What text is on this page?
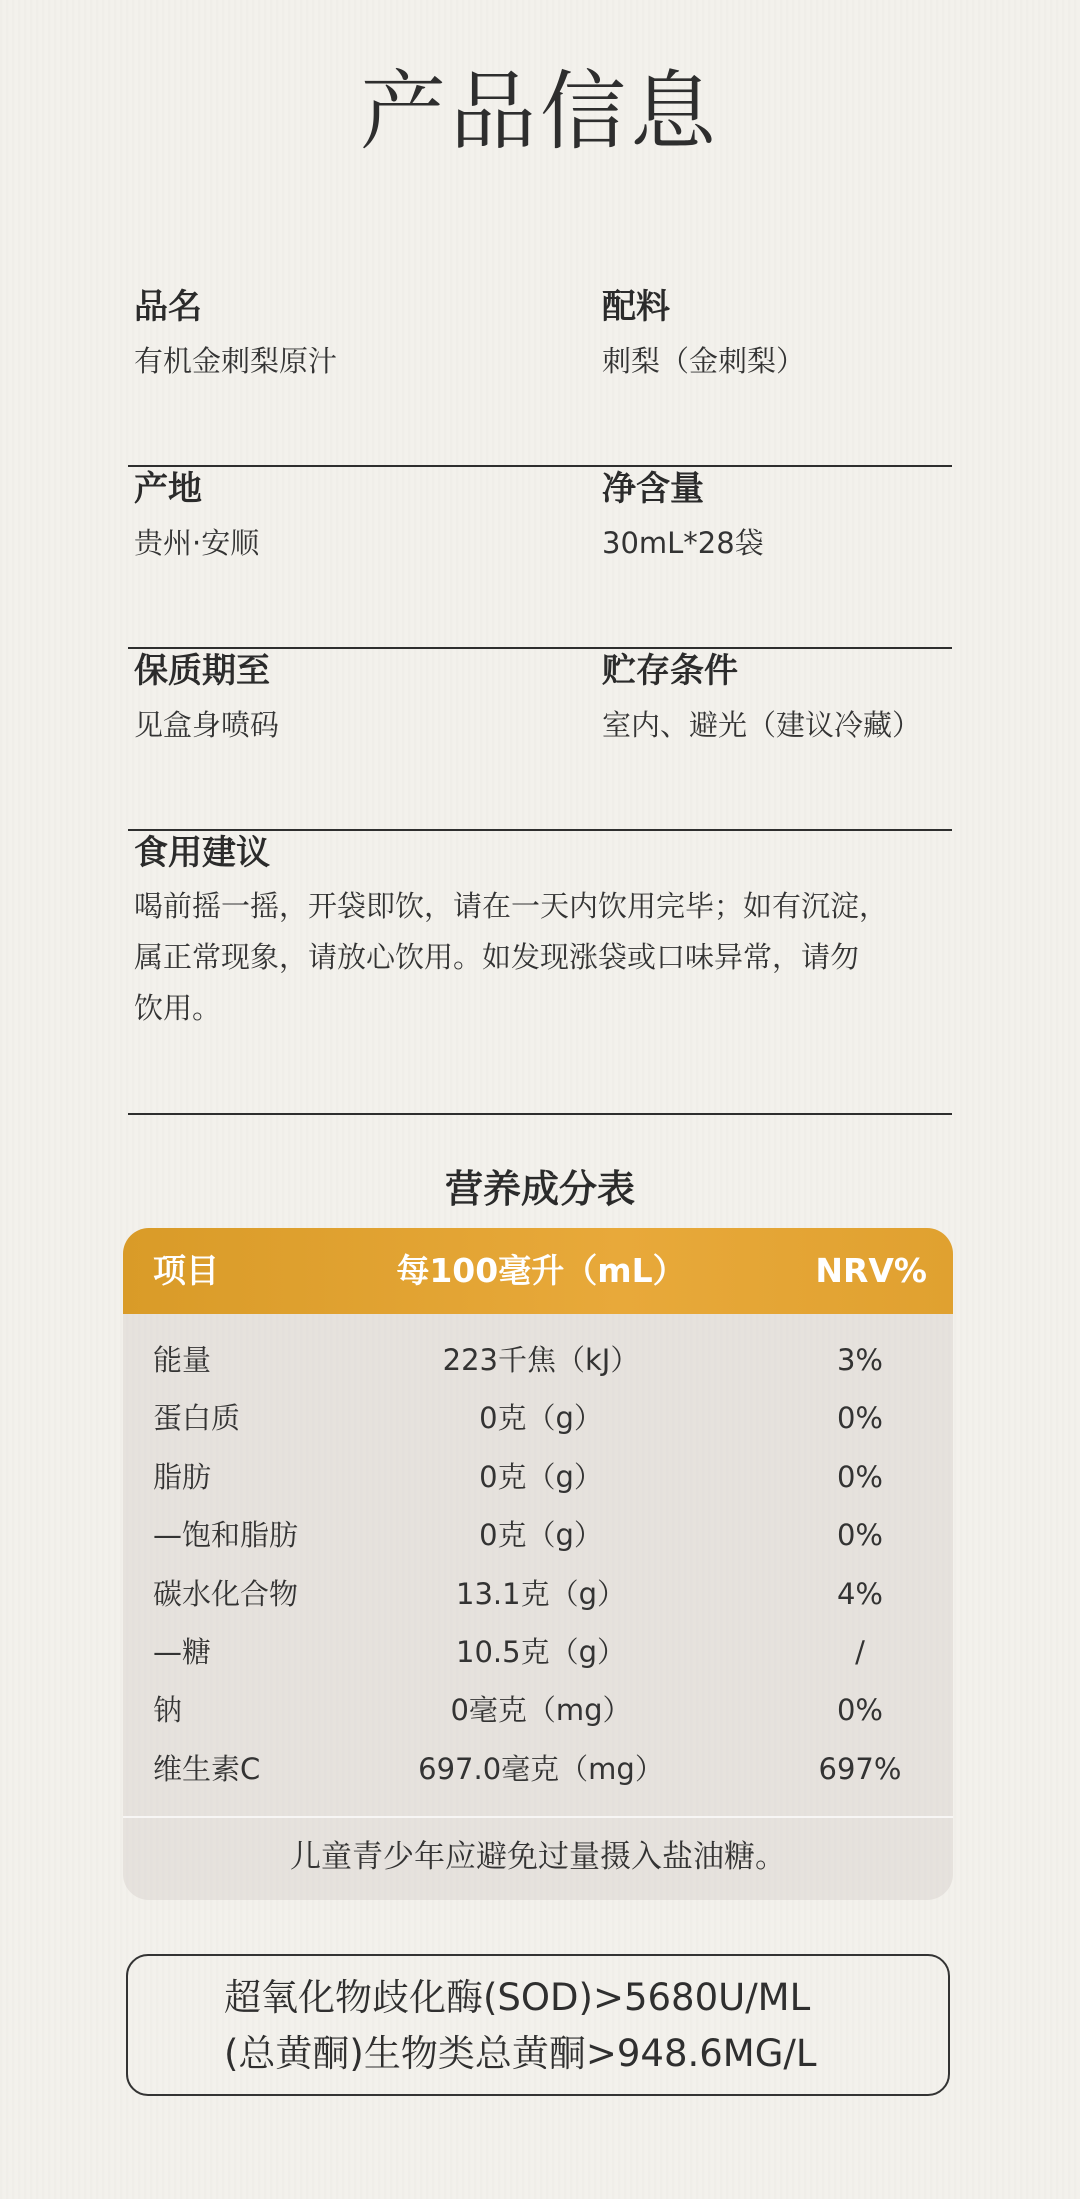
产品信息
品名
有机金刺梨原汁
配料
刺梨（金刺梨）
产地
贵州·安顺
净含量
30mL*28袋
保质期至
见盒身喷码
贮存条件
室内、避光（建议冷藏）
食用建议
喝前摇一摇，开袋即饮，请在一天内饮用完毕；如有沉淀，
属正常现象，请放心饮用。如发现涨袋或口味异常，请勿
饮用。
营养成分表
项目	每100毫升（mL）	NRV%
能量	223千焦（kJ）	3%
蛋白质	0克（g）	0%
脂肪	0克（g）	0%
—饱和脂肪	0克（g）	0%
碳水化合物	13.1克（g）	4%
—糖	10.5克（g）	/
钠	0毫克（mg）	0%
维生素C	697.0毫克（mg）	697%
儿童青少年应避免过量摄入盐油糖。
超氧化物歧化酶(SOD)>5680U/ML
(总黄酮)生物类总黄酮>948.6MG/L
